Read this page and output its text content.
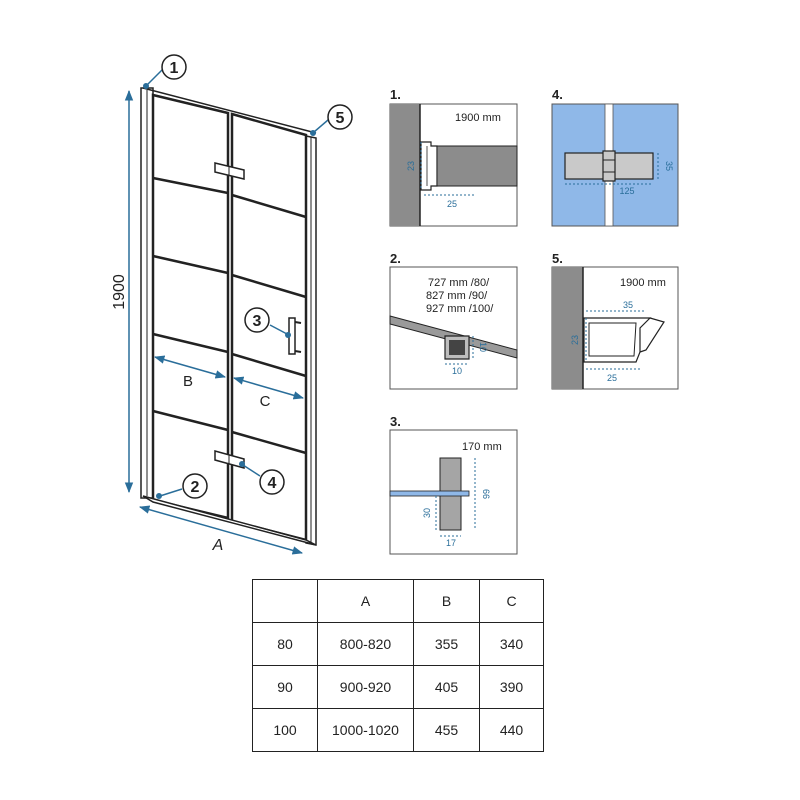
1900
A
B
C
1
5
3
4
2
1.
1900 mm
23
25
2.
727 mm /80/
827 mm /90/
927 mm /100/
10
10
3.
170 mm
66
30
17
4.
35
125
5.
1900 mm
35
23
25
	A	B	C
80	800-820	355	340
90	900-920	405	390
100	1000-1020	455	440
